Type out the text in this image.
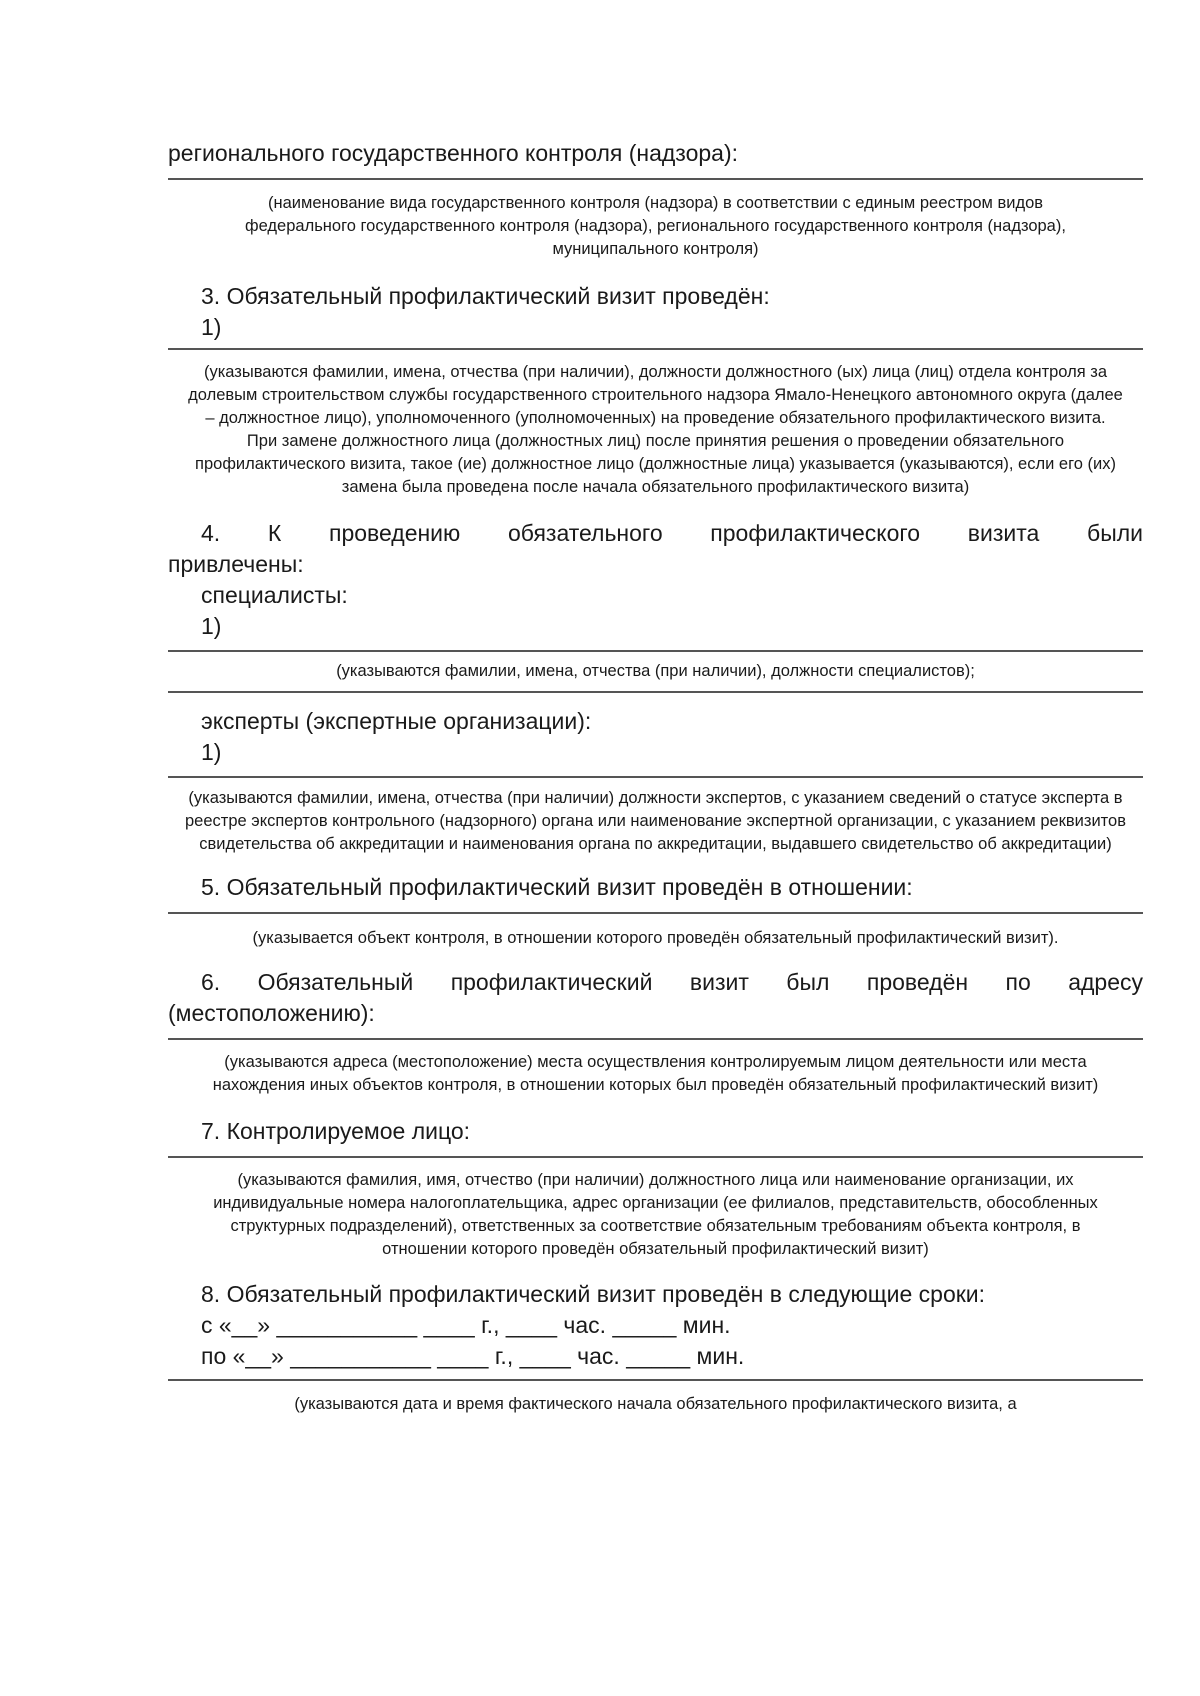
регионального государственного контроля (надзора):

(наименование вида государственного контроля (надзора) в соответствии с единым реестром видов федерального государственного контроля (надзора), регионального государственного контроля (надзора), муниципального контроля)

3. Обязательный профилактический визит проведён:

1)

(указываются фамилии, имена, отчества (при наличии), должности должностного (ых) лица (лиц) отдела контроля за долевым строительством службы государственного строительного надзора Ямало-Ненецкого автономного округа (далее – должностное лицо), уполномоченного (уполномоченных) на проведение обязательного профилактического визита. При замене должностного лица (должностных лиц) после принятия решения о проведении обязательного профилактического визита, такое (ие) должностное лицо (должностные лица) указывается (указываются), если его (их) замена была проведена после начала обязательного профилактического визита)

4. К проведению обязательного профилактического визита были

привлечены:

специалисты:

1)

(указываются фамилии, имена, отчества (при наличии), должности специалистов);

эксперты (экспертные организации):

1)

(указываются фамилии, имена, отчества (при наличии) должности экспертов, с указанием сведений о статусе эксперта в реестре экспертов контрольного (надзорного) органа или наименование экспертной организации, с указанием реквизитов свидетельства об аккредитации и наименования органа по аккредитации, выдавшего свидетельство об аккредитации)

5. Обязательный профилактический визит проведён в отношении:

(указывается объект контроля, в отношении которого проведён обязательный профилактический визит).

6. Обязательный профилактический визит был проведён по адресу

(местоположению):

(указываются адреса (местоположение) места осуществления контролируемым лицом деятельности или места нахождения иных объектов контроля, в отношении которых был проведён обязательный профилактический визит)

7. Контролируемое лицо:

(указываются фамилия, имя, отчество (при наличии) должностного лица или наименование организации, их индивидуальные номера налогоплательщика, адрес организации (ее филиалов, представительств, обособленных структурных подразделений), ответственных за соответствие обязательным требованиям объекта контроля, в отношении которого проведён обязательный профилактический визит)

8. Обязательный профилактический визит проведён в следующие сроки:

с «__» ___________ ____ г., ____ час. _____ мин.

по «__» ___________ ____ г., ____ час. _____ мин.

(указываются дата и время фактического начала обязательного профилактического визита, а
